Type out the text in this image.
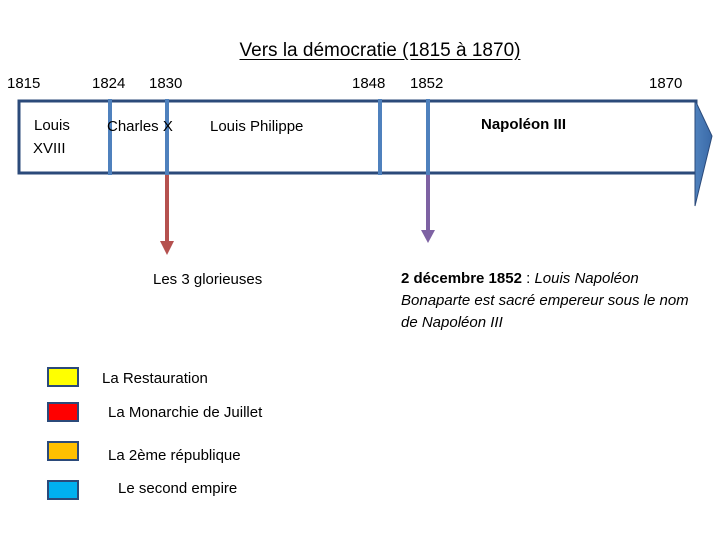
Vers la démocratie (1815 à 1870)
1815	1824 1830	1848 1852	1870
Louis
XVIII
Charles X Louis Philippe	Napoléon III
Les 3 glorieuses	2 décembre 1852 : Louis Napoléon Bonaparte est sacré empereur sous le nom de Napoléon III
La Restauration
La Monarchie de Juillet
La 2ème république
Le second empire
